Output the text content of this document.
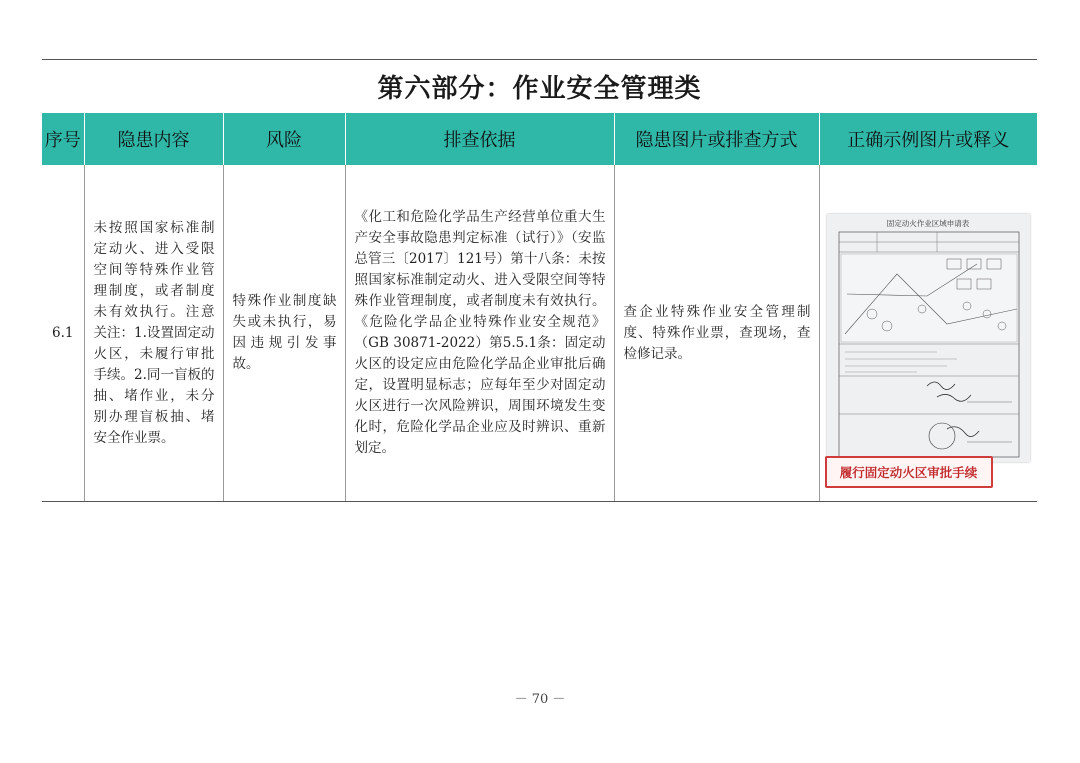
第六部分：作业安全管理类
序号	隐患内容	风险	排查依据	隐患图片或排查方式	正确示例图片或释义
6.1	未按照国家标准制定动火、进入受限空间等特殊作业管理制度，或者制度未有效执行。注意关注：1.设置固定动火区，未履行审批手续。2.同一盲板的抽、堵作业，未分别办理盲板抽、堵安全作业票。	特殊作业制度缺失或未执行，易因违规引发事故。	《化工和危险化学品生产经营单位重大生产安全事故隐患判定标准（试行）》（安监总管三〔2017〕121号）第十八条：未按照国家标准制定动火、进入受限空间等特殊作业管理制度，或者制度未有效执行。《危险化学品企业特殊作业安全规范》（GB 30871-2022）第5.5.1条：固定动火区的设定应由危险化学品企业审批后确定，设置明显标志；应每年至少对固定动火区进行一次风险辨识，周围环境发生变化时，危险化学品企业应及时辨识、重新划定。	查企业特殊作业安全管理制度、特殊作业票，查现场，查检修记录。	固定动火作业区域申请表
履行固定动火区审批手续
－ 70 －
